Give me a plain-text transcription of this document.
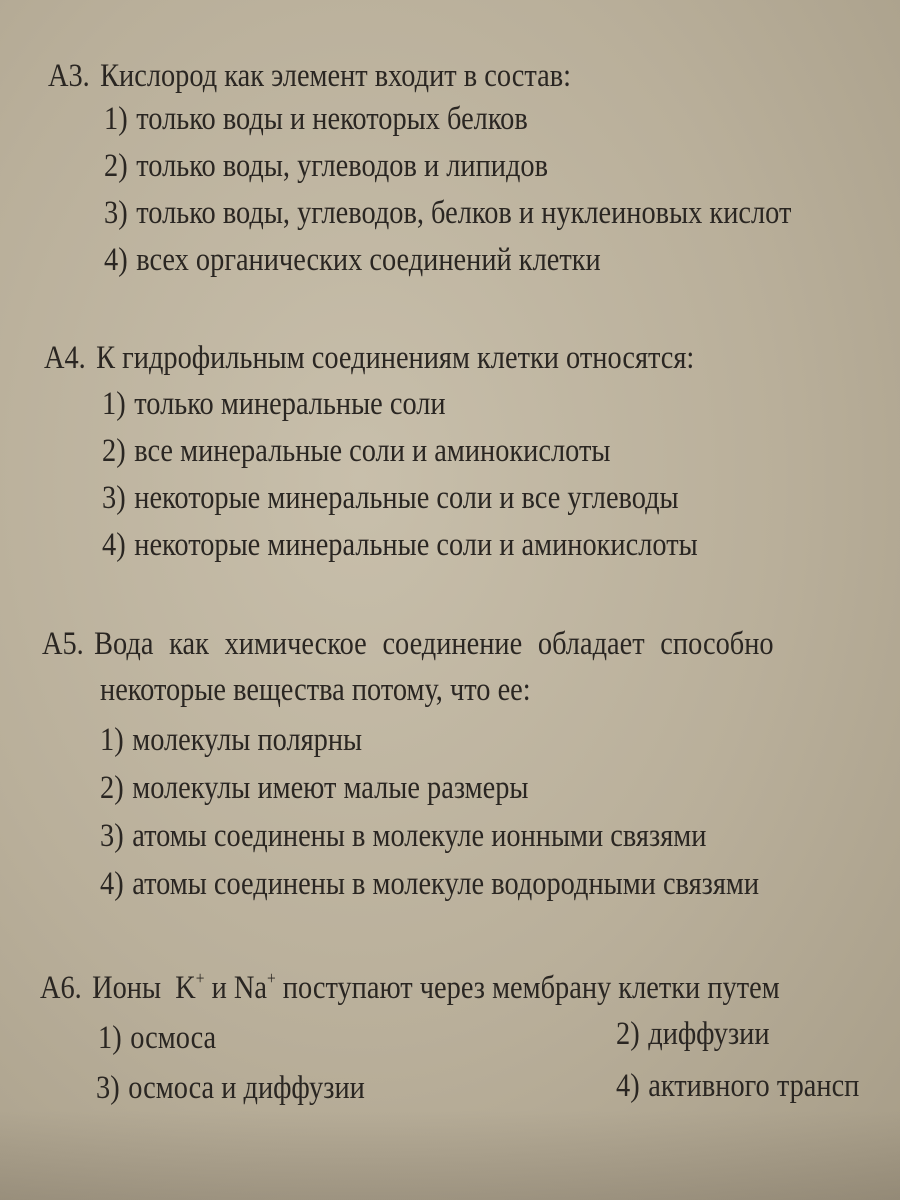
А3. Кислород как элемент входит в состав:
1) только воды и некоторых белков
2) только воды, углеводов и липидов
3) только воды, углеводов, белков и нуклеиновых кислот
4) всех органических соединений клетки
А4. К гидрофильным соединениям клетки относятся:
1) только минеральные соли
2) все минеральные соли и аминокислоты
3) некоторые минеральные соли и все углеводы
4) некоторые минеральные соли и аминокислоты
А5. Вода как химическое соединение обладает способно
некоторые вещества потому, что ее:
1) молекулы полярны
2) молекулы имеют малые размеры
3) атомы соединены в молекуле ионными связями
4) атомы соединены в молекуле водородными связями
А6. Ионы  K+ и Na+ поступают через мембрану клетки путем
1) осмоса	2) диффузии
3) осмоса и диффузии	4) активного трансп
